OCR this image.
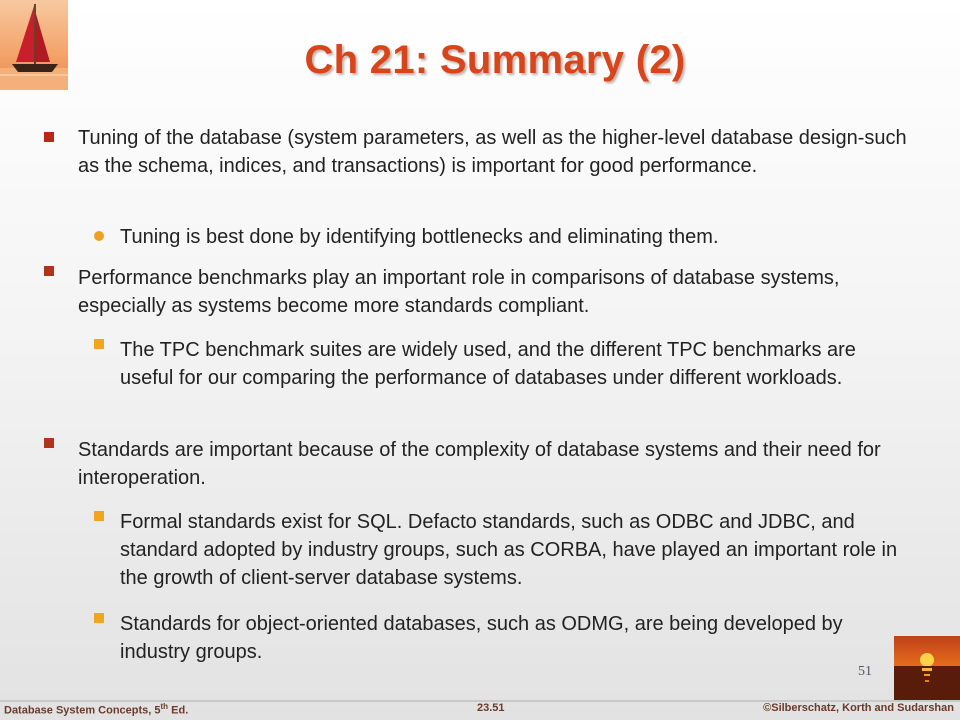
Ch 21: Summary (2)
Tuning of the database (system parameters, as well as the higher-level database design-such as the schema, indices, and transactions) is important for good performance.
Tuning is best done by identifying bottlenecks and eliminating them.
Performance benchmarks play an important role in comparisons of database systems, especially as systems become more standards compliant.
The TPC benchmark suites are widely used, and the different TPC benchmarks are useful for our comparing the performance of databases under different workloads.
Standards are important because of the complexity of database systems and their need for interoperation.
Formal standards exist for SQL. Defacto standards, such as ODBC and JDBC, and standard adopted by industry groups, such as CORBA, have played an important role in the growth of client-server database systems.
Standards for object-oriented databases, such as ODMG, are being developed by industry groups.
51
Database System Concepts, 5th Ed.	23.51	©Silberschatz, Korth and Sudarshan
